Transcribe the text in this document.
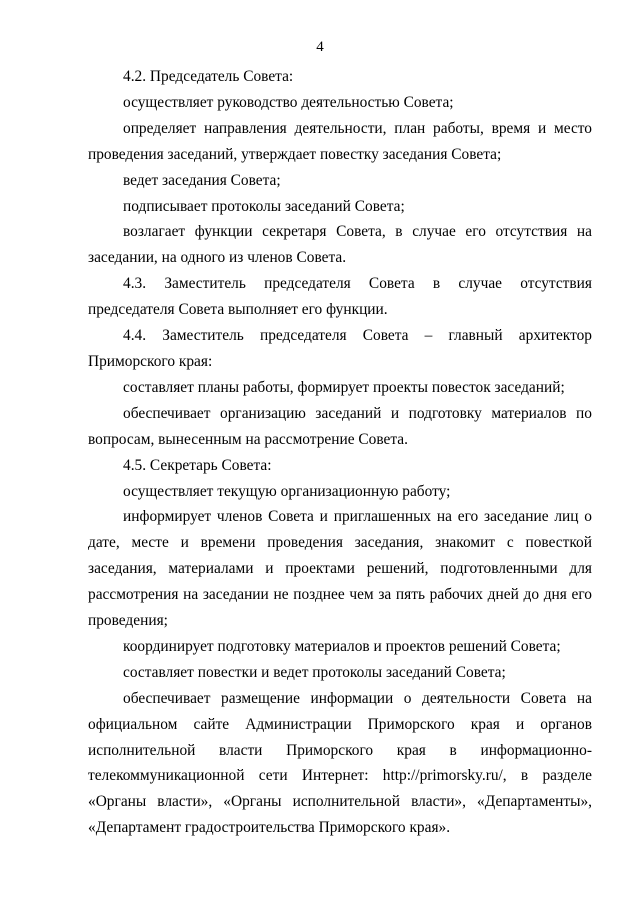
4
4.2. Председатель Совета:
осуществляет руководство деятельностью Совета;
определяет направления деятельности, план работы, время и место
проведения заседаний, утверждает повестку заседания Совета;
ведет заседания Совета;
подписывает протоколы заседаний Совета;
возлагает функции секретаря Совета, в случае его отсутствия на
заседании, на одного из членов Совета.
4.3. Заместитель председателя Совета в случае отсутствия
председателя Совета выполняет его функции.
4.4. Заместитель председателя Совета – главный архитектор
Приморского края:
составляет планы работы, формирует проекты повесток заседаний;
обеспечивает организацию заседаний и подготовку материалов по
вопросам, вынесенным на рассмотрение Совета.
4.5. Секретарь Совета:
осуществляет текущую организационную работу;
информирует членов Совета и приглашенных на его заседание лиц о
дате, месте и времени проведения заседания, знакомит с повесткой
заседания, материалами и проектами решений, подготовленными для
рассмотрения на заседании не позднее чем за пять рабочих дней до дня его
проведения;
координирует подготовку материалов и проектов решений Совета;
составляет повестки и ведет протоколы заседаний Совета;
обеспечивает размещение информации о деятельности Совета на
официальном сайте Администрации Приморского края и органов
исполнительной власти Приморского края в информационно-
телекоммуникационной сети Интернет: http://primorsky.ru/, в разделе
«Органы власти», «Органы исполнительной власти», «Департаменты»,
«Департамент градостроительства Приморского края».
